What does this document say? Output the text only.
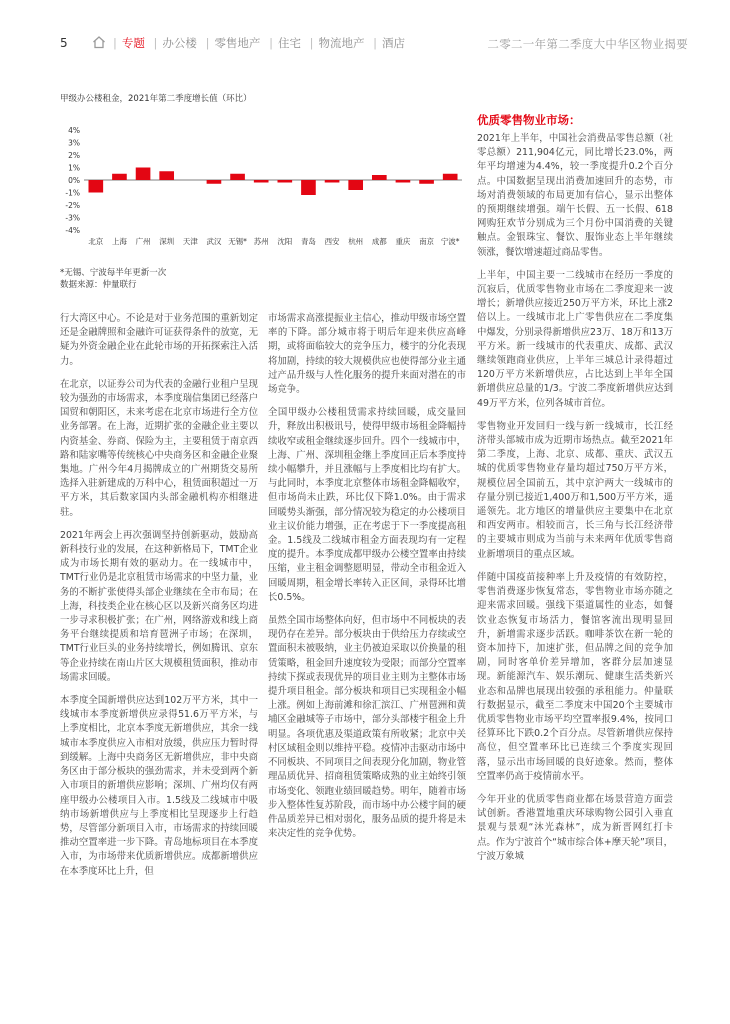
5	| 专题 | 办公楼 | 零售地产 | 住宅 | 物流地产 | 酒店	二零二一年第二季度大中华区物业揭要
甲级办公楼租金，2021年第二季度增长值（环比）
4%
3%
2%
1%
0%
-1%
-2%
-3%
-4%
北京 上海 广州 深圳 天津 武汉 无锡* 苏州 沈阳 青岛 西安 杭州 成都 重庆 南京 宁波*
*无锡、宁波每半年更新一次
数据来源：仲量联行

行大湾区中心。不论是对于业务范围的重新划定还是金融牌照和金融许可证获得条件的放宽，无疑为外资金融企业在此轮市场的开拓探索注入活力。

在北京，以证券公司为代表的金融行业租户呈现较为强劲的市场需求，本季度瑞信集团已经落户国贸和朝阳区，未来考虑在北京市场进行全方位业务部署。在上海，近期扩张的金融企业主要以内资基金、券商、保险为主，主要租赁于南京西路和陆家嘴等传统核心中央商务区和金融企业聚集地。广州今年4月揭牌成立的广州期货交易所选择入驻新建成的万科中心，租赁面积超过一万平方米，其后数家国内头部金融机构亦相继进驻。

2021年两会上再次强调坚持创新驱动，鼓励高新科技行业的发展，在这种新格局下，TMT企业成为市场长期有效的驱动力。在一线城市中，TMT行业仍是北京租赁市场需求的中坚力量，业务的不断扩张使得头部企业继续在全市布局；在上海，科技类企业在核心区以及新兴商务区均进一步寻求积极扩张；在广州，网络游戏和线上商务平台继续提质和培育琶洲子市场；在深圳，TMT行业巨头的业务持续增长，例如腾讯、京东等企业持续在南山片区大规模租赁面积，推动市场需求回暖。

本季度全国新增供应达到102万平方米，其中一线城市本季度新增供应录得51.6万平方米，与上季度相比，北京本季度无新增供应，其余一线城市本季度供应入市相对放缓，供应压力暂时得到缓解。上海中央商务区无新增供应，非中央商务区由于部分板块的强劲需求，并未受到两个新入市项目的新增供应影响；深圳、广州均仅有两座甲级办公楼项目入市。1.5线及二线城市中吸纳市场新增供应与上季度相比呈现逐步上行趋势，尽管部分新项目入市，市场需求的持续回暖推动空置率进一步下降。青岛地标项目在本季度入市，为市场带来优质新增供应。成都新增供应在本季度环比上升，但

市场需求高涨提振业主信心，推动甲级市场空置率的下降。部分城市将于明后年迎来供应高峰期，或将面临较大的竞争压力，楼宇的分化表现将加剧，持续的较大规模供应也使得部分业主通过产品升级与人性化服务的提升来面对潜在的市场竞争。

全国甲级办公楼租赁需求持续回暖，成交量回升，释放出积极讯号，使得甲级市场租金降幅持续收窄或租金继续逐步回升。四个一线城市中，上海、广州、深圳租金继上季度回正后本季度持续小幅攀升，并且涨幅与上季度相比均有扩大。与此同时，本季度北京整体市场租金降幅收窄，但市场尚未止跌，环比仅下降1.0%。由于需求回暖势头渐强，部分情况较为稳定的办公楼项目业主议价能力增强，正在考虑于下一季度提高租金。1.5线及二线城市租金方面表现均有一定程度的提升。本季度成都甲级办公楼空置率由持续压缩，业主租金调整愿明显，带动全市租金近入回暖周期，租金增长率转入正区间，录得环比增长0.5%。

虽然全国市场整体向好，但市场中不同板块的表现仍存在差异。部分板块由于供给压力存续或空置面积未被吸纳，业主仍被迫采取以价换量的租赁策略，租金回升速度较为受限；而部分空置率持续下探或表现优异的项目业主则为主整体市场提升项目租金。部分板块和项目已实现租金小幅上涨。例如上海前滩和徐汇滨江、广州琶洲和黄埔区金融城等子市场中，部分头部楼宇租金上升明显。各项优惠及渠道政策有所收紧；北京中关村区域租金则以维持平稳。疫情冲击驱动市场中不同板块、不同项目之间表现分化加剧，物业管理品质优异、招商租赁策略成熟的业主始终引领市场变化、领跑业绩回暖趋势。明年，随着市场步入整体性复苏阶段，而市场中办公楼宇间的硬件品质差异已相对弱化，服务品质的提升将是未来决定性的竞争优势。

优质零售物业市场：

2021年上半年，中国社会消费品零售总额（社零总额）211,904亿元，同比增长23.0%，两年平均增速为4.4%，较一季度提升0.2个百分点。中国数据呈现出消费加速回升的态势，市场对消费领域的布局更加有信心，显示出整体的预期继续增强。端午长假、五一长假、618网购狂欢节分别成为三个月份中国消费的关键触点。金银珠宝、餐饮、服饰业态上半年继续领涨，餐饮增速超过商品零售。

上半年，中国主要一二线城市在经历一季度的沉寂后，优质零售物业市场在二季度迎来一波增长；新增供应接近250万平方米，环比上涨2倍以上。一线城市北上广零售供应在二季度集中爆发，分别录得新增供应23万、18万和13万平方米。新一线城市的代表重庆、成都、武汉继续领跑商业供应，上半年三城总计录得超过120万平方米新增供应，占比达到上半年全国新增供应总量的1/3。宁波二季度新增供应达到49万平方米，位列各城市首位。

零售物业开发回归一线与新一线城市，长江经济带头部城市成为近期市场热点。截至2021年第二季度，上海、北京、成都、重庆、武汉五城的优质零售物业存量均超过750万平方米，规模位居全国前五，其中京沪两大一线城市的存量分别已接近1,400万和1,500万平方米，遥遥领先。北方地区的增量供应主要集中在北京和西安两市。相较而言，长三角与长江经济带的主要城市则成为当前与未来两年优质零售商业新增项目的重点区域。

伴随中国疫苗接种率上升及疫情的有效防控，零售消费逐步恢复常态，零售物业市场亦随之迎来需求回暖。强线下渠道属性的业态，如餐饮业态恢复市场活力，餐馆客流出现明显回升，新增需求逐步活跃。咖啡茶饮在新一轮的资本加持下，加速扩张，但品牌之间的竞争加剧，同时客单价差异增加，客群分层加速显现。新能源汽车、娱乐潮玩、健康生活类新兴业态和品牌也展现出较强的承租能力。仲量联行数据显示，截至二季度末中国20个主要城市优质零售物业市场平均空置率报9.4%，按同口径算环比下跌0.2个百分点。尽管新增供应保持高位，但空置率环比已连续三个季度实现回落，显示出市场回暖的良好迹象。然而，整体空置率仍高于疫情前水平。

今年开业的优质零售商业都在场景营造方面尝试创新。香港置地重庆环球购物公园引入垂直景观与景观“沐光森林”，成为新晋网红打卡点。作为宁波首个“城市综合体+摩天轮”项目，宁波万象城
